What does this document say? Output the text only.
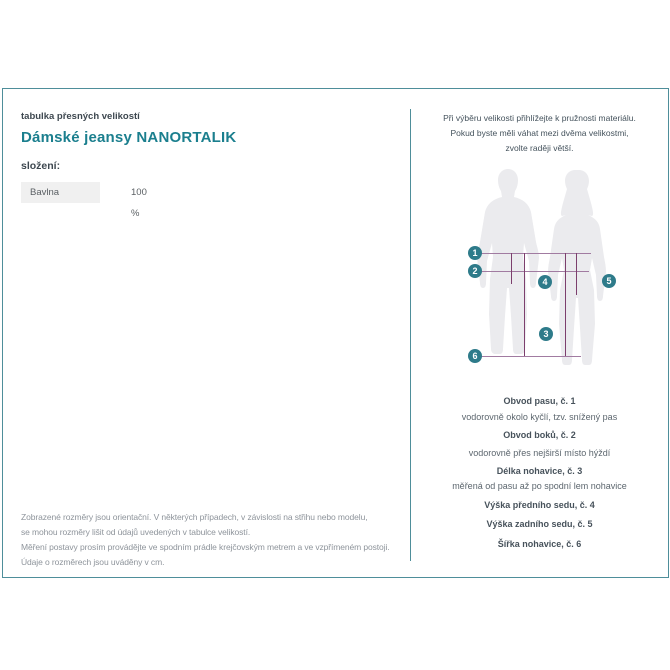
tabulka přesných velikostí
Dámské jeansy NANORTALIK
složení:
Bavlna	100 %
Zobrazené rozměry jsou orientační. V některých případech, v závislosti na střihu nebo modelu,
se mohou rozměry lišit od údajů uvedených v tabulce velikostí.
Měření postavy prosím provádějte ve spodním prádle krejčovským metrem a ve vzpřímeném postoji.
Údaje o rozměrech jsou uváděny v cm.
Při výběru velikosti přihlížejte k pružnosti materiálu.
Pokud byste měli váhat mezi dvěma velikostmi,
zvolte raději větší.
1
2
3
4	5
6
Obvod pasu, č. 1
vodorovně okolo kyčlí, tzv. snížený pas
Obvod boků, č. 2
vodorovně přes nejširší místo hýždí
Délka nohavice, č. 3
měřená od pasu až po spodní lem nohavice
Výška předního sedu, č. 4
Výška zadního sedu, č. 5
Šířka nohavice, č. 6
